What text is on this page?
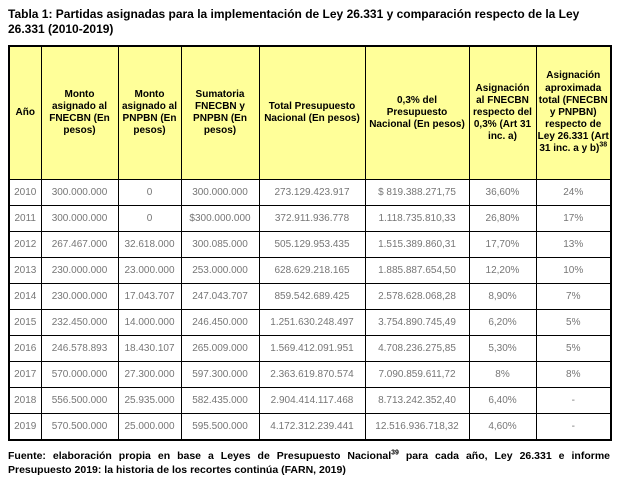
Tabla 1: Partidas asignadas para la implementación de Ley 26.331 y comparación respecto de la Ley 26.331 (2010-2019)
Año	Monto asignado al FNECBN (En pesos)	Monto asignado al PNPBN (En pesos)	Sumatoria FNECBN y PNPBN (En pesos)	Total Presupuesto Nacional (En pesos)	0,3% del Presupuesto Nacional (En pesos)	Asignación al FNECBN respecto del 0,3% (Art 31 inc. a)	Asignación aproximada total (FNECBN y PNPBN) respecto de Ley 26.331 (Art 31 inc. a y b)$^{38}$
2010	300.000.000	0	300.000.000	273.129.423.917	$ 819.388.271,75	36,60%	24%
2011	300.000.000	0	$300.000.000	372.911.936.778	1.118.735.810,33	26,80%	17%
2012	267.467.000	32.618.000	300.085.000	505.129.953.435	1.515.389.860,31	17,70%	13%
2013	230.000.000	23.000.000	253.000.000	628.629.218.165	1.885.887.654,50	12,20%	10%
2014	230.000.000	17.043.707	247.043.707	859.542.689.425	2.578.628.068,28	8,90%	7%
2015	232.450.000	14.000.000	246.450.000	1.251.630.248.497	3.754.890.745,49	6,20%	5%
2016	246.578.893	18.430.107	265.009.000	1.569.412.091.951	4.708.236.275,85	5,30%	5%
2017	570.000.000	27.300.000	597.300.000	2.363.619.870.574	7.090.859.611,72	8%	8%
2018	556.500.000	25.935.000	582.435.000	2.904.414.117.468	8.713.242.352,40	6,40%	-
2019	570.500.000	25.000.000	595.500.000	4.172.312.239.441	12.516.936.718,32	4,60%	-

Fuente: elaboración propia en base a Leyes de Presupuesto Nacional$^{39}$ para cada año, Ley 26.331 e informe Presupuesto 2019: la historia de los recortes continúa (FARN, 2019)
